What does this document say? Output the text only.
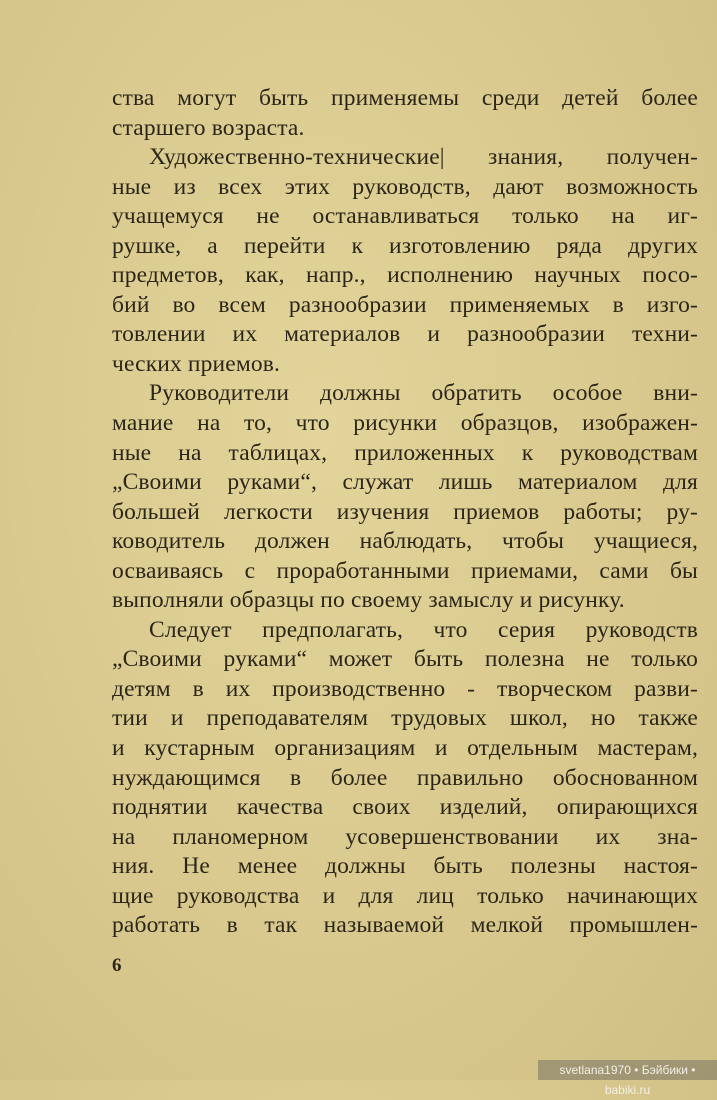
ства могут быть применяемы среди детей более
старшего возраста.
Художественно-технические| знания, получен-
ные из всех этих руководств, дают возможность
учащемуся не останавливаться только на иг-
рушке, а перейти к изготовлению ряда других
предметов, как, напр., исполнению научных посо-
бий во всем разнообразии применяемых в изго-
товлении их материалов и разнообразии техни-
ческих приемов.
Руководители должны обратить особое вни-
мание на то, что рисунки образцов, изображен-
ные на таблицах, приложенных к руководствам
„Своими руками“, служат лишь материалом для
большей легкости изучения приемов работы; ру-
ководитель должен наблюдать, чтобы учащиеся,
осваиваясь с проработанными приемами, сами бы
выполняли образцы по своему замыслу и рисунку.
Следует предполагать, что серия руководств
„Своими руками“ может быть полезна не только
детям в их производственно - творческом разви-
тии и преподавателям трудовых школ, но также
и кустарным организациям и отдельным мастерам,
нуждающимся в более правильно обоснованном
поднятии качества своих изделий, опирающихся
на планомерном усовершенствовании их зна-
ния. Не менее должны быть полезны настоя-
щие руководства и для лиц только начинающих
работать в так называемой мелкой промышлен-
6
svetlana1970 • Бэйбики • babiki.ru
